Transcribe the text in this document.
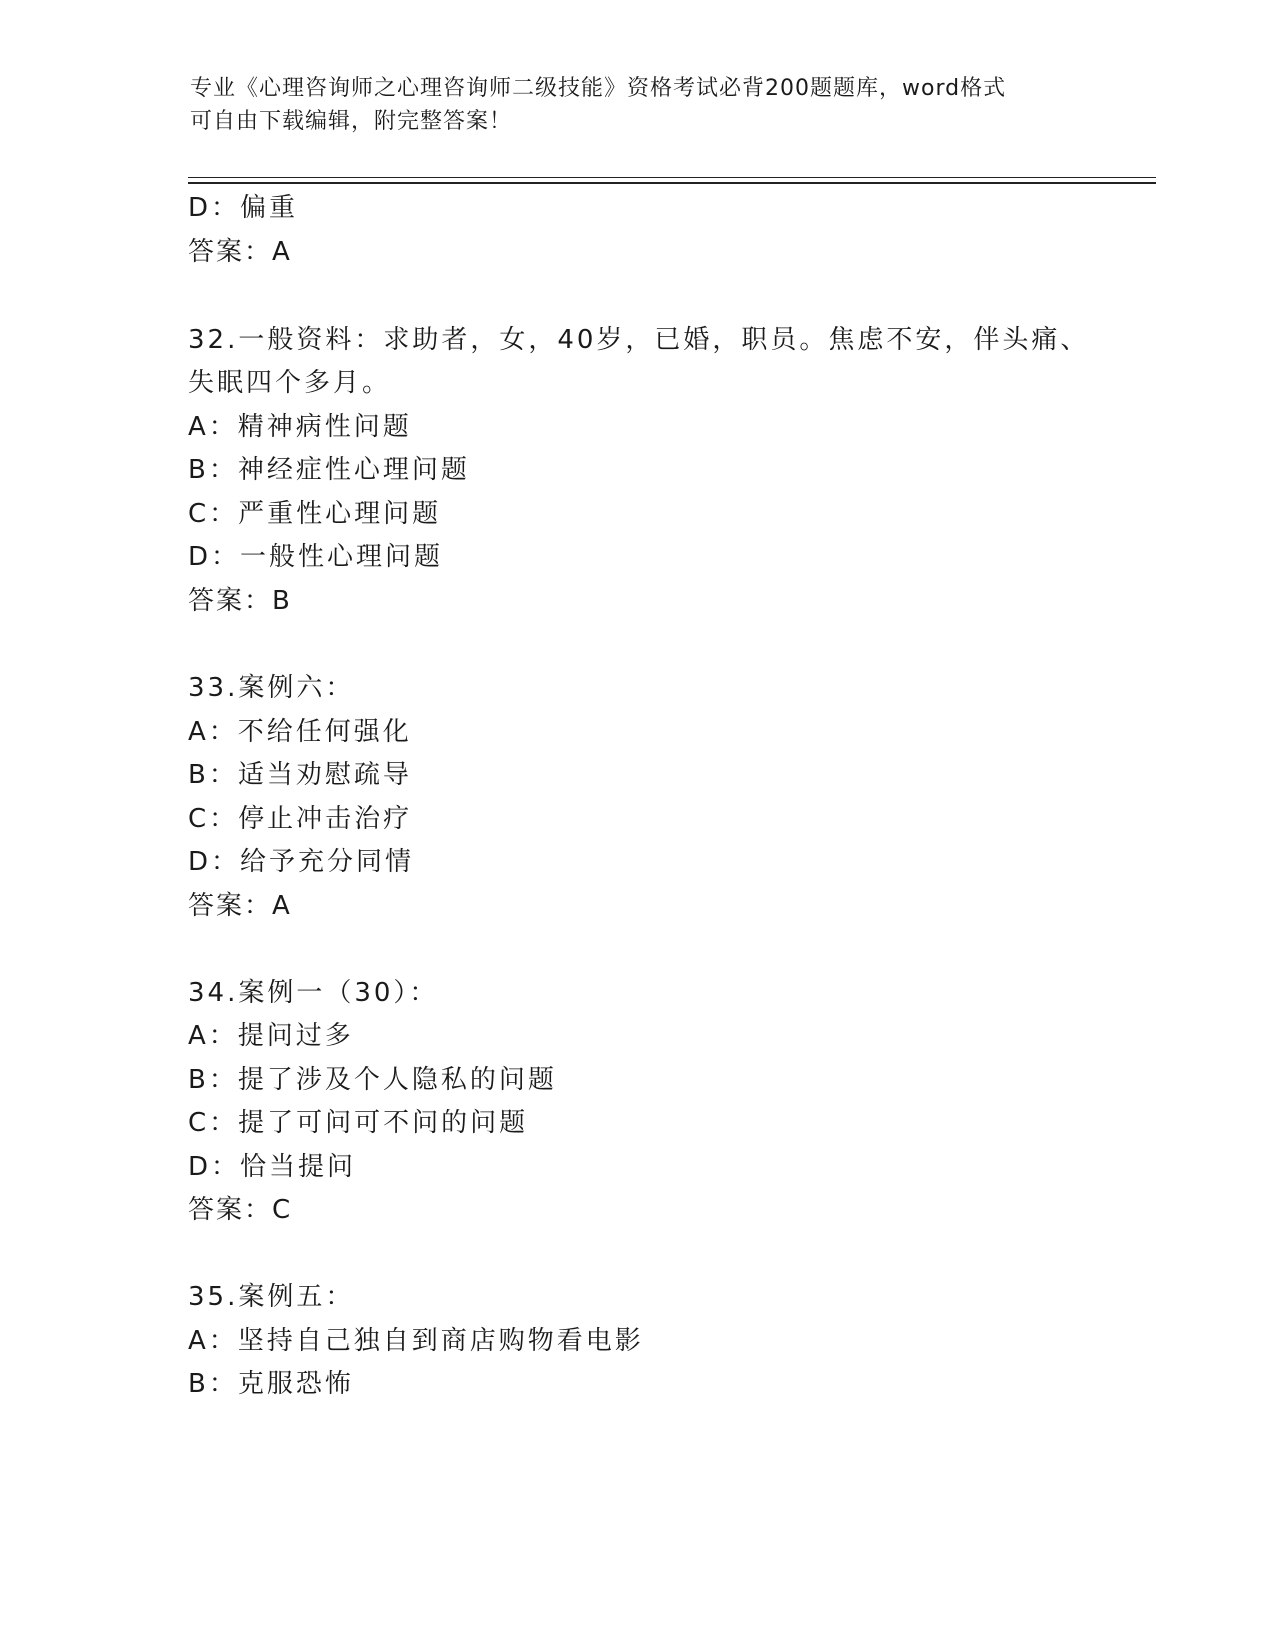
专业《心理咨询师之心理咨询师二级技能》资格考试必背200题题库，word格式
可自由下载编辑，附完整答案！
D：偏重
答案：A
32.一般资料：求助者，女，40岁，已婚，职员。焦虑不安，伴头痛、
失眠四个多月。
A：精神病性问题
B：神经症性心理问题
C：严重性心理问题
D：一般性心理问题
答案：B
33.案例六：
A：不给任何强化
B：适当劝慰疏导
C：停止冲击治疗
D：给予充分同情
答案：A
34.案例一（30）：
A：提问过多
B：提了涉及个人隐私的问题
C：提了可问可不问的问题
D：恰当提问
答案：C
35.案例五：
A：坚持自己独自到商店购物看电影
B：克服恐怖
